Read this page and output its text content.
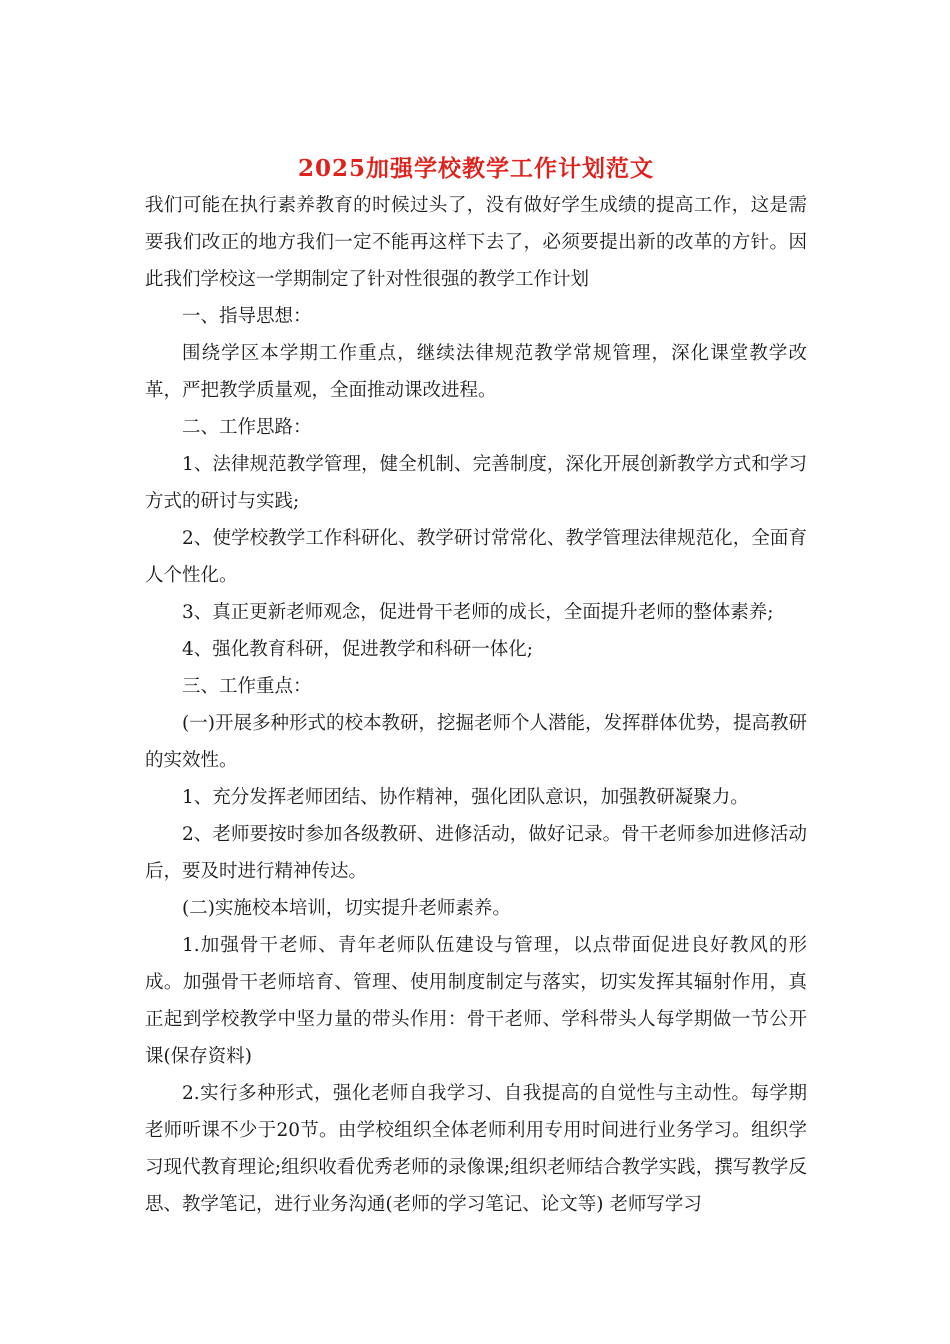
2025加强学校教学工作计划范文

我们可能在执行素养教育的时候过头了，没有做好学生成绩的提高工作，这是需要我们改正的地方我们一定不能再这样下去了，必须要提出新的改革的方针。因此我们学校这一学期制定了针对性很强的教学工作计划

一、指导思想：

围绕学区本学期工作重点，继续法律规范教学常规管理，深化课堂教学改革，严把教学质量观，全面推动课改进程。

二、工作思路：

1、法律规范教学管理，健全机制、完善制度，深化开展创新教学方式和学习方式的研讨与实践;

2、使学校教学工作科研化、教学研讨常常化、教学管理法律规范化，全面育人个性化。

3、真正更新老师观念，促进骨干老师的成长，全面提升老师的整体素养;

4、强化教育科研，促进教学和科研一体化;

三、工作重点：

(一)开展多种形式的校本教研，挖掘老师个人潜能，发挥群体优势，提高教研的实效性。

1、充分发挥老师团结、协作精神，强化团队意识，加强教研凝聚力。

2、老师要按时参加各级教研、进修活动，做好记录。骨干老师参加进修活动后，要及时进行精神传达。

(二)实施校本培训，切实提升老师素养。

1.加强骨干老师、青年老师队伍建设与管理，以点带面促进良好教风的形成。加强骨干老师培育、管理、使用制度制定与落实，切实发挥其辐射作用，真正起到学校教学中坚力量的带头作用：骨干老师、学科带头人每学期做一节公开课(保存资料)

2.实行多种形式，强化老师自我学习、自我提高的自觉性与主动性。每学期老师听课不少于20节。由学校组织全体老师利用专用时间进行业务学习。组织学习现代教育理论;组织收看优秀老师的录像课;组织老师结合教学实践，撰写教学反思、教学笔记，进行业务沟通(老师的学习笔记、论文等) 老师写学习
